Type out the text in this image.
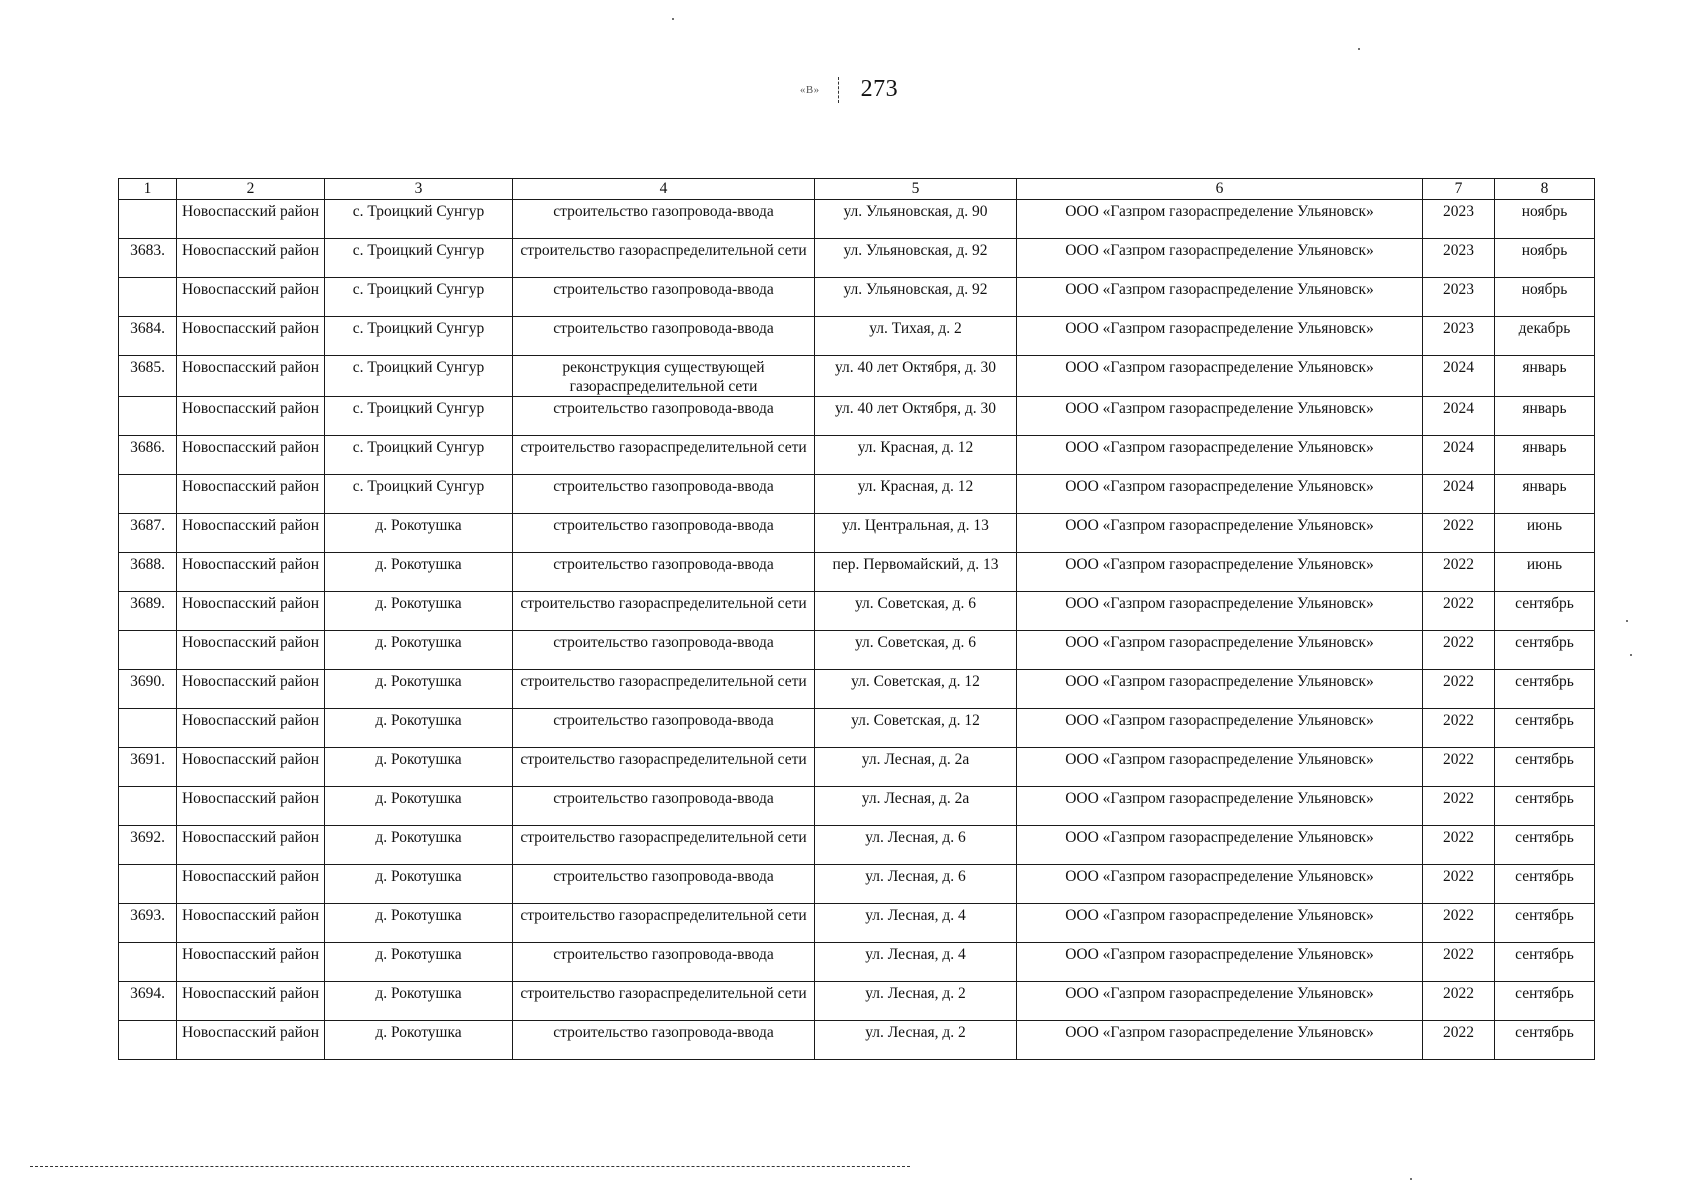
«В» 273
1	2	3	4	5	6	7	8
	Новоспасский район	с. Троицкий Сунгур	строительство газопровода-ввода	ул. Ульяновская, д. 90	ООО «Газпром газораспределение Ульяновск»	2023	ноябрь
3683.	Новоспасский район	с. Троицкий Сунгур	строительство газораспределительной сети	ул. Ульяновская, д. 92	ООО «Газпром газораспределение Ульяновск»	2023	ноябрь
	Новоспасский район	с. Троицкий Сунгур	строительство газопровода-ввода	ул. Ульяновская, д. 92	ООО «Газпром газораспределение Ульяновск»	2023	ноябрь
3684.	Новоспасский район	с. Троицкий Сунгур	строительство газопровода-ввода	ул. Тихая, д. 2	ООО «Газпром газораспределение Ульяновск»	2023	декабрь
3685.	Новоспасский район	с. Троицкий Сунгур	реконструкция существующей газораспределительной сети	ул. 40 лет Октября, д. 30	ООО «Газпром газораспределение Ульяновск»	2024	январь
	Новоспасский район	с. Троицкий Сунгур	строительство газопровода-ввода	ул. 40 лет Октября, д. 30	ООО «Газпром газораспределение Ульяновск»	2024	январь
3686.	Новоспасский район	с. Троицкий Сунгур	строительство газораспределительной сети	ул. Красная, д. 12	ООО «Газпром газораспределение Ульяновск»	2024	январь
	Новоспасский район	с. Троицкий Сунгур	строительство газопровода-ввода	ул. Красная, д. 12	ООО «Газпром газораспределение Ульяновск»	2024	январь
3687.	Новоспасский район	д. Рокотушка	строительство газопровода-ввода	ул. Центральная, д. 13	ООО «Газпром газораспределение Ульяновск»	2022	июнь
3688.	Новоспасский район	д. Рокотушка	строительство газопровода-ввода	пер. Первомайский, д. 13	ООО «Газпром газораспределение Ульяновск»	2022	июнь
3689.	Новоспасский район	д. Рокотушка	строительство газораспределительной сети	ул. Советская, д. 6	ООО «Газпром газораспределение Ульяновск»	2022	сентябрь
	Новоспасский район	д. Рокотушка	строительство газопровода-ввода	ул. Советская, д. 6	ООО «Газпром газораспределение Ульяновск»	2022	сентябрь
3690.	Новоспасский район	д. Рокотушка	строительство газораспределительной сети	ул. Советская, д. 12	ООО «Газпром газораспределение Ульяновск»	2022	сентябрь
	Новоспасский район	д. Рокотушка	строительство газопровода-ввода	ул. Советская, д. 12	ООО «Газпром газораспределение Ульяновск»	2022	сентябрь
3691.	Новоспасский район	д. Рокотушка	строительство газораспределительной сети	ул. Лесная, д. 2а	ООО «Газпром газораспределение Ульяновск»	2022	сентябрь
	Новоспасский район	д. Рокотушка	строительство газопровода-ввода	ул. Лесная, д. 2а	ООО «Газпром газораспределение Ульяновск»	2022	сентябрь
3692.	Новоспасский район	д. Рокотушка	строительство газораспределительной сети	ул. Лесная, д. 6	ООО «Газпром газораспределение Ульяновск»	2022	сентябрь
	Новоспасский район	д. Рокотушка	строительство газопровода-ввода	ул. Лесная, д. 6	ООО «Газпром газораспределение Ульяновск»	2022	сентябрь
3693.	Новоспасский район	д. Рокотушка	строительство газораспределительной сети	ул. Лесная, д. 4	ООО «Газпром газораспределение Ульяновск»	2022	сентябрь
	Новоспасский район	д. Рокотушка	строительство газопровода-ввода	ул. Лесная, д. 4	ООО «Газпром газораспределение Ульяновск»	2022	сентябрь
3694.	Новоспасский район	д. Рокотушка	строительство газораспределительной сети	ул. Лесная, д. 2	ООО «Газпром газораспределение Ульяновск»	2022	сентябрь
	Новоспасский район	д. Рокотушка	строительство газопровода-ввода	ул. Лесная, д. 2	ООО «Газпром газораспределение Ульяновск»	2022	сентябрь
